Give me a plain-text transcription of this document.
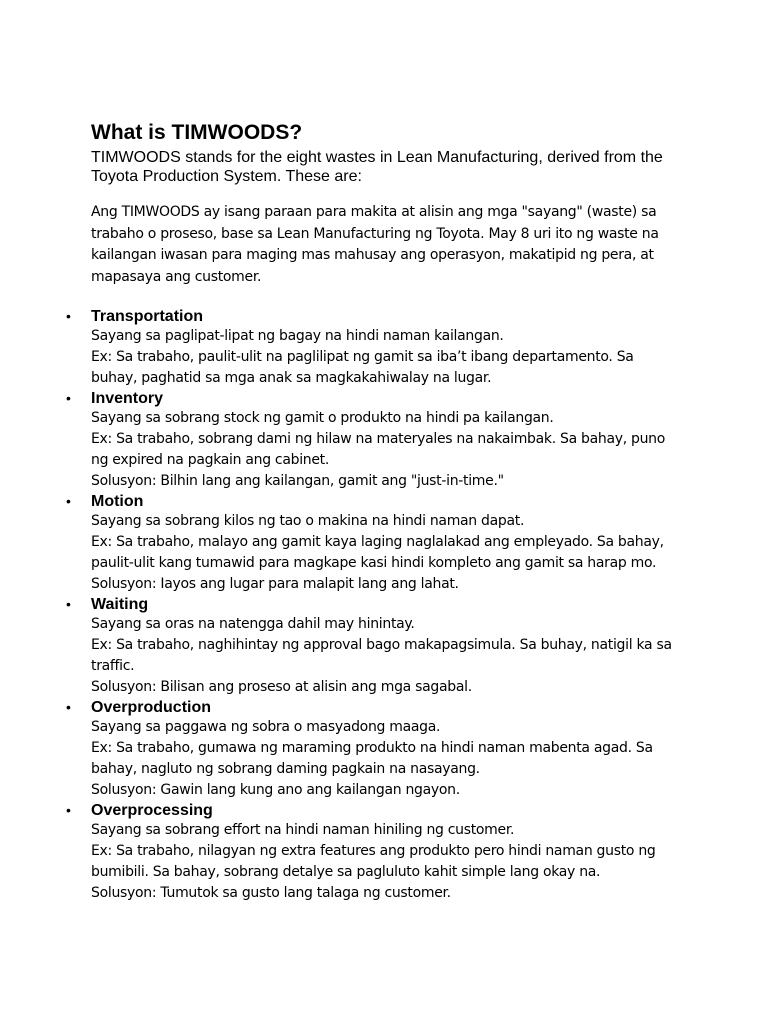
What is TIMWOODS?

TIMWOODS stands for the eight wastes in Lean Manufacturing, derived from the Toyota Production System. These are:

Ang TIMWOODS ay isang paraan para makita at alisin ang mga "sayang" (waste) sa trabaho o proseso, base sa Lean Manufacturing ng Toyota. May 8 uri ito ng waste na kailangan iwasan para maging mas mahusay ang operasyon, makatipid ng pera, at mapasaya ang customer.

• Transportation

Sayang sa paglipat-lipat ng bagay na hindi naman kailangan.

Ex: Sa trabaho, paulit-ulit na paglilipat ng gamit sa iba’t ibang departamento. Sa buhay, paghatid sa mga anak sa magkakahiwalay na lugar.

• Inventory

Sayang sa sobrang stock ng gamit o produkto na hindi pa kailangan.

Ex: Sa trabaho, sobrang dami ng hilaw na materyales na nakaimbak. Sa bahay, puno ng expired na pagkain ang cabinet.

Solusyon: Bilhin lang ang kailangan, gamit ang "just-in-time."

• Motion

Sayang sa sobrang kilos ng tao o makina na hindi naman dapat.

Ex: Sa trabaho, malayo ang gamit kaya laging naglalakad ang empleyado. Sa bahay, paulit-ulit kang tumawid para magkape kasi hindi kompleto ang gamit sa harap mo.

Solusyon: Iayos ang lugar para malapit lang ang lahat.

• Waiting

Sayang sa oras na natengga dahil may hinintay.

Ex: Sa trabaho, naghihintay ng approval bago makapagsimula. Sa buhay, natigil ka sa traffic.

Solusyon: Bilisan ang proseso at alisin ang mga sagabal.

• Overproduction

Sayang sa paggawa ng sobra o masyadong maaga.

Ex: Sa trabaho, gumawa ng maraming produkto na hindi naman mabenta agad. Sa bahay, nagluto ng sobrang daming pagkain na nasayang.

Solusyon: Gawin lang kung ano ang kailangan ngayon.

• Overprocessing

Sayang sa sobrang effort na hindi naman hiniling ng customer.

Ex: Sa trabaho, nilagyan ng extra features ang produkto pero hindi naman gusto ng bumibili. Sa bahay, sobrang detalye sa pagluluto kahit simple lang okay na.

Solusyon: Tumutok sa gusto lang talaga ng customer.
